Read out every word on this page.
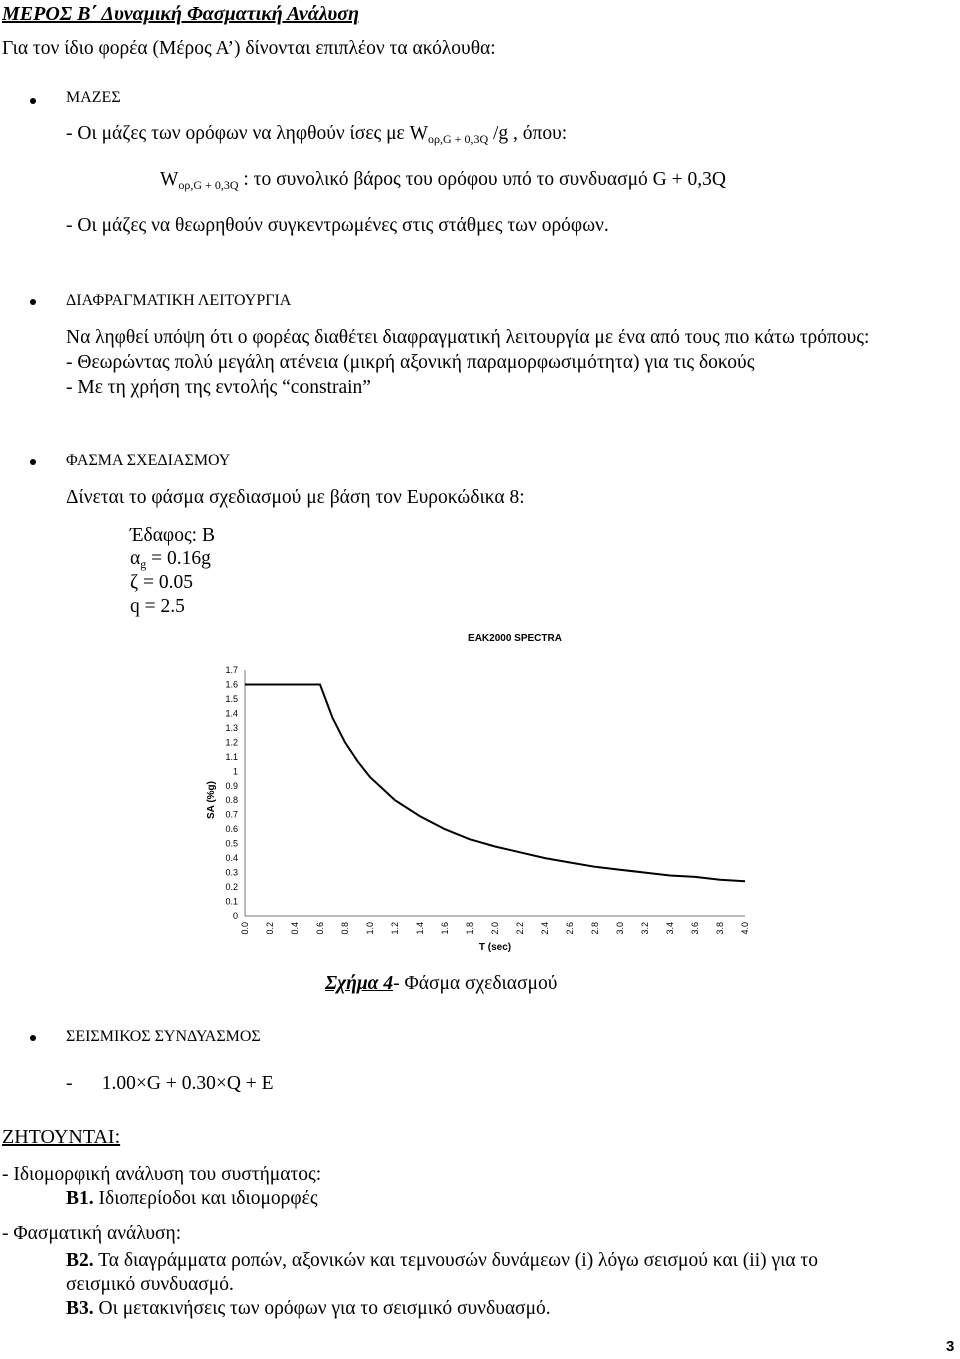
ΜΕΡΟΣ Β΄ Δυναμική Φασματική Ανάλυση
Για τον ίδιο φορέα (Μέρος Α’) δίνονται επιπλέον τα ακόλουθα:
ΜΑΖΕΣ
- Οι μάζες των ορόφων να ληφθούν ίσες με $W_{o\rho,G + 0,3Q}$ /g , όπου:
$W_{o\rho,G + 0,3Q}$ : το συνολικό βάρος του ορόφου υπό το συνδυασμό G + 0,3Q
- Οι μάζες να θεωρηθούν συγκεντρωμένες στις στάθμες των ορόφων.
ΔΙΑΦΡΑΓΜΑΤΙΚΗ ΛΕΙΤΟΥΡΓΙΑ
Να ληφθεί υπόψη ότι ο φορέας διαθέτει διαφραγματική λειτουργία με ένα από τους πιο κάτω τρόπους:
- Θεωρώντας πολύ μεγάλη ατένεια (μικρή αξονική παραμορφωσιμότητα) για τις δοκούς
- Με τη χρήση της εντολής “constrain”
ΦΑΣΜΑ ΣΧΕΔΙΑΣΜΟΥ
Δίνεται το φάσμα σχεδιασμού με βάση τον Ευροκώδικα 8:
Έδαφος: Β
$\alpha_g = 0.16g$
ζ = 0.05
q = 2.5
EAK2000 SPECTRA
0
0.1
0.2
0.3
0.4
0.5
0.6
0.7
0.8
0.9
1
1.1
1.2
1.3
1.4
1.5
1.6
1.7
0.0 0.2 0.4 0.6 0.8 1.0 1.2 1.4 1.6 1.8 2.0 2.2 2.4 2.6 2.8 3.0 3.2 3.4 3.6 3.8 4.0
T (sec)
SA (%g)
Σχήμα 4- Φάσμα σχεδιασμού
ΣΕΙΣΜΙΚΟΣ ΣΥΝΔΥΑΣΜΟΣ
-      1.00×G + 0.30×Q + E
ΖΗΤΟΥΝΤΑΙ:
- Ιδιομορφική ανάλυση του συστήματος:
Β1. Ιδιοπερίοδοι και ιδιομορφές
- Φασματική ανάλυση:
Β2. Τα διαγράμματα ροπών, αξονικών και τεμνουσών δυνάμεων (i) λόγω σεισμού και (ii) για το
σεισμικό συνδυασμό.
Β3. Οι μετακινήσεις των ορόφων για το σεισμικό συνδυασμό.
3
